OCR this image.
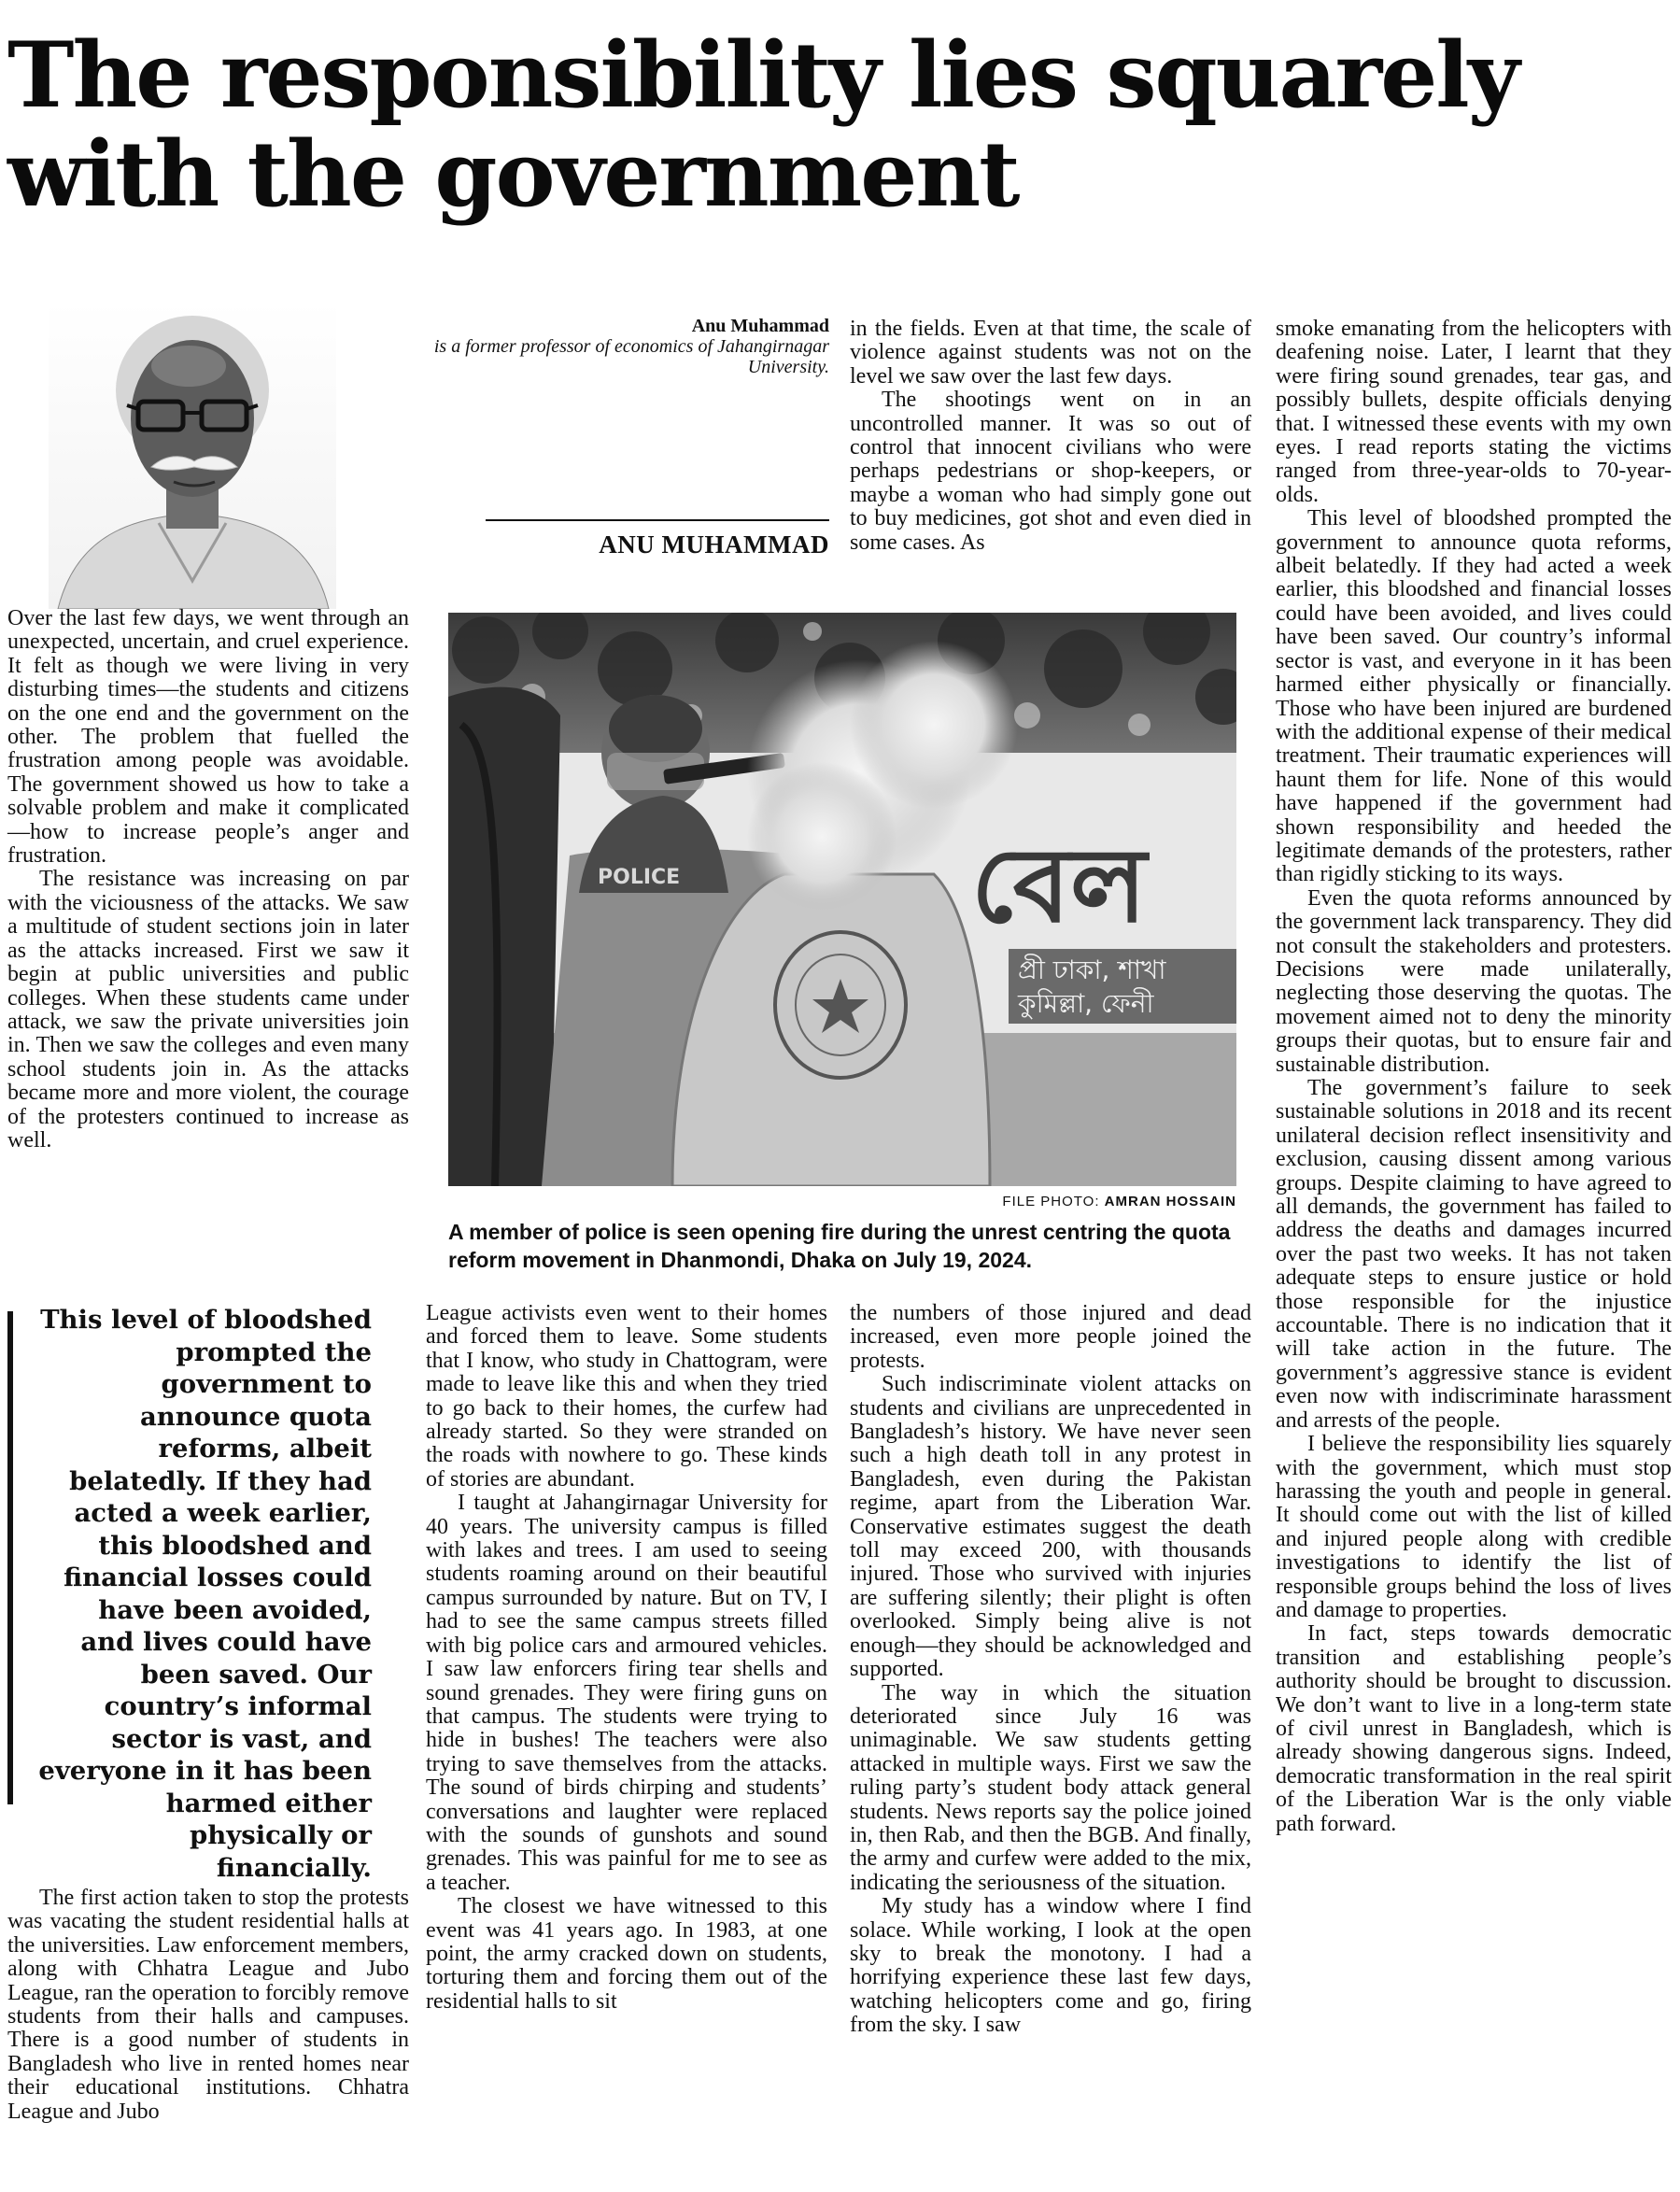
The responsibility lies squarely with the government
Anu Muhammad
is a former professor of economics of Jahangirnagar University.
ANU MUHAMMAD

Over the last few days, we went through an unexpected, uncertain, and cruel experience. It felt as though we were living in very disturbing times—the students and citizens on the one end and the government on the other. The problem that fuelled the frustration among people was avoidable. The government showed us how to take a solvable problem and make it complicated—how to increase people’s anger and frustration.

The resistance was increasing on par with the viciousness of the attacks. We saw a multitude of student sections join in later as the attacks increased. First we saw it begin at public universities and public colleges. When these students came under attack, we saw the private universities join in. Then we saw the colleges and even many school students join in. As the attacks became more and more violent, the courage of the protesters continued to increase as well.

বেল
প্রী ঢাকা, শাখা
কুমিল্লা, ফেনী
POLICE
FILE PHOTO: AMRAN HOSSAIN
A member of police is seen opening fire during the unrest centring the quota reform movement in Dhanmondi, Dhaka on July 19, 2024.
This level of bloodshed prompted the government to announce quota reforms, albeit belatedly. If they had acted a week earlier, this bloodshed and financial losses could have been avoided, and lives could have been saved. Our country’s informal sector is vast, and everyone in it has been harmed either physically or financially.

The first action taken to stop the protests was vacating the student residential halls at the universities. Law enforcement members, along with Chhatra League and Jubo League, ran the operation to forcibly remove students from their halls and campuses. There is a good number of students in Bangladesh who live in rented homes near their educational institutions. Chhatra League and Jubo

League activists even went to their homes and forced them to leave. Some students that I know, who study in Chattogram, were made to leave like this and when they tried to go back to their homes, the curfew had already started. So they were stranded on the roads with nowhere to go. These kinds of stories are abundant.

I taught at Jahangirnagar University for 40 years. The university campus is filled with lakes and trees. I am used to seeing students roaming around on their beautiful campus surrounded by nature. But on TV, I had to see the same campus streets filled with big police cars and armoured vehicles. I saw law enforcers firing tear shells and sound grenades. They were firing guns on that campus. The students were trying to hide in bushes! The teachers were also trying to save themselves from the attacks. The sound of birds chirping and students’ conversations and laughter were replaced with the sounds of gunshots and sound grenades. This was painful for me to see as a teacher.

The closest we have witnessed to this event was 41 years ago. In 1983, at one point, the army cracked down on students, torturing them and forcing them out of the residential halls to sit

in the fields. Even at that time, the scale of violence against students was not on the level we saw over the last few days.

The shootings went on in an uncontrolled manner. It was so out of control that innocent civilians who were perhaps pedestrians or shop-keepers, or maybe a woman who had simply gone out to buy medicines, got shot and even died in some cases. As

the numbers of those injured and dead increased, even more people joined the protests.

Such indiscriminate violent attacks on students and civilians are unprecedented in Bangladesh’s history. We have never seen such a high death toll in any protest in Bangladesh, even during the Pakistan regime, apart from the Liberation War. Conservative estimates suggest the death toll may exceed 200, with thousands injured. Those who survived with injuries are suffering silently; their plight is often overlooked. Simply being alive is not enough—they should be acknowledged and supported.

The way in which the situation deteriorated since July 16 was unimaginable. We saw students getting attacked in multiple ways. First we saw the ruling party’s student body attack general students. News reports say the police joined in, then Rab, and then the BGB. And finally, the army and curfew were added to the mix, indicating the seriousness of the situation.

My study has a window where I find solace. While working, I look at the open sky to break the monotony. I had a horrifying experience these last few days, watching helicopters come and go, firing from the sky. I saw

smoke emanating from the helicopters with deafening noise. Later, I learnt that they were firing sound grenades, tear gas, and possibly bullets, despite officials denying that. I witnessed these events with my own eyes. I read reports stating the victims ranged from three-year-olds to 70-year-olds.

This level of bloodshed prompted the government to announce quota reforms, albeit belatedly. If they had acted a week earlier, this bloodshed and financial losses could have been avoided, and lives could have been saved. Our country’s informal sector is vast, and everyone in it has been harmed either physically or financially. Those who have been injured are burdened with the additional expense of their medical treatment. Their traumatic experiences will haunt them for life. None of this would have happened if the government had shown responsibility and heeded the legitimate demands of the protesters, rather than rigidly sticking to its ways.

Even the quota reforms announced by the government lack transparency. They did not consult the stakeholders and protesters. Decisions were made unilaterally, neglecting those deserving the quotas. The movement aimed not to deny the minority groups their quotas, but to ensure fair and sustainable distribution.

The government’s failure to seek sustainable solutions in 2018 and its recent unilateral decision reflect insensitivity and exclusion, causing dissent among various groups. Despite claiming to have agreed to all demands, the government has failed to address the deaths and damages incurred over the past two weeks. It has not taken adequate steps to ensure justice or hold those responsible for the injustice accountable. There is no indication that it will take action in the future. The government’s aggressive stance is evident even now with indiscriminate harassment and arrests of the people.

I believe the responsibility lies squarely with the government, which must stop harassing the youth and people in general. It should come out with the list of killed and injured people along with credible investigations to identify the list of responsible groups behind the loss of lives and damage to properties.

In fact, steps towards democratic transition and establishing people’s authority should be brought to discussion. We don’t want to live in a long-term state of civil unrest in Bangladesh, which is already showing dangerous signs. Indeed, democratic transformation in the real spirit of the Liberation War is the only viable path forward.
